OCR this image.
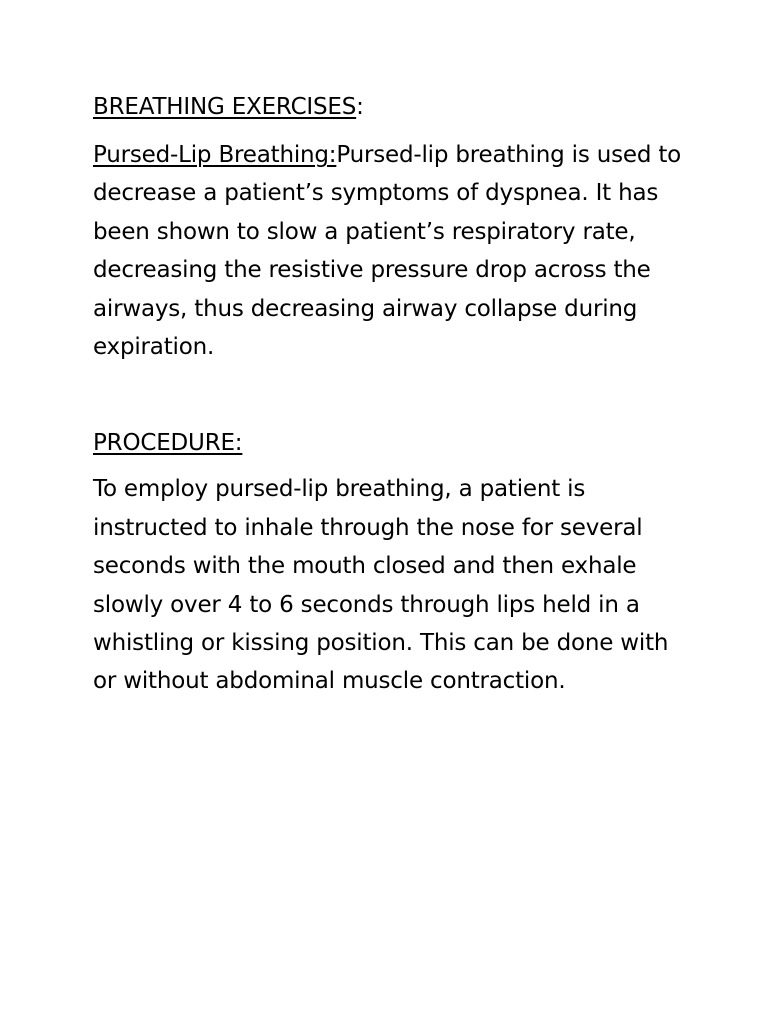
BREATHING EXERCISES:

Pursed-Lip Breathing:Pursed-lip breathing is used to decrease a patient’s symptoms of dyspnea. It has been shown to slow a patient’s respiratory rate, decreasing the resistive pressure drop across the airways, thus decreasing airway collapse during expiration.

PROCEDURE:

To employ pursed-lip breathing, a patient is instructed to inhale through the nose for several seconds with the mouth closed and then exhale slowly over 4 to 6 seconds through lips held in a whistling or kissing position. This can be done with or without abdominal muscle contraction.
